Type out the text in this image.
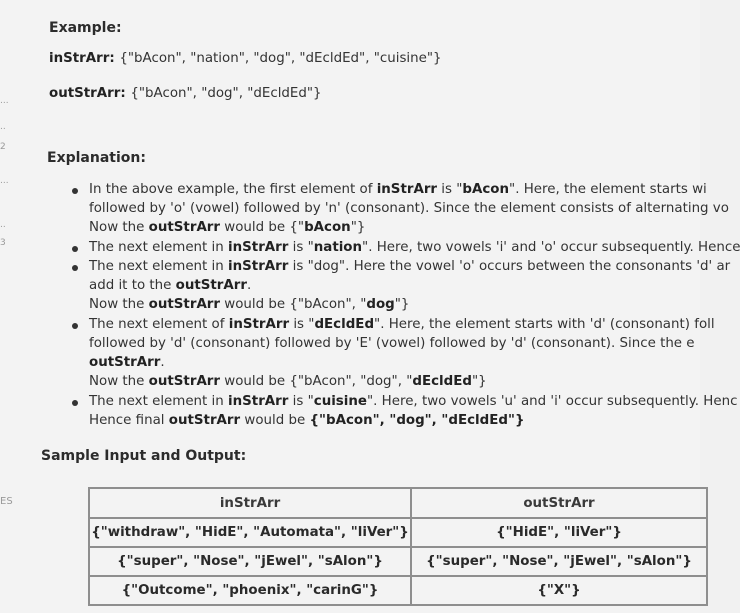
...
..
2
...
..
3
ES
Example:
inStrArr: {"bAcon", "nation", "dog", "dEcldEd", "cuisine"}
outStrArr: {"bAcon", "dog", "dEcldEd"}
Explanation:
In the above example, the first element of inStrArr is "bAcon". Here, the element starts wi
followed by 'o' (vowel) followed by 'n' (consonant). Since the element consists of alternating vo
Now the outStrArr would be {"bAcon"}
The next element in inStrArr is "nation". Here, two vowels 'i' and 'o' occur subsequently. Hence
The next element in inStrArr is "dog". Here the vowel 'o' occurs between the consonants 'd' ar
add it to the outStrArr.
Now the outStrArr would be {"bAcon", "dog"}
The next element of inStrArr is "dEcldEd". Here, the element starts with 'd' (consonant) foll
followed by 'd' (consonant) followed by 'E' (vowel) followed by 'd' (consonant). Since the e
outStrArr.
Now the outStrArr would be {"bAcon", "dog", "dEcldEd"}
The next element in inStrArr is "cuisine". Here, two vowels 'u' and 'i' occur subsequently. Henc
Hence final outStrArr would be {"bAcon", "dog", "dEcldEd"}
Sample Input and Output:
inStrArr	outStrArr
{"withdraw", "HidE", "Automata", "liVer"}	{"HidE", "liVer"}
{"super", "Nose", "jEwel", "sAlon"}	{"super", "Nose", "jEwel", "sAlon"}
{"Outcome", "phoenix", "carinG"}	{"X"}
